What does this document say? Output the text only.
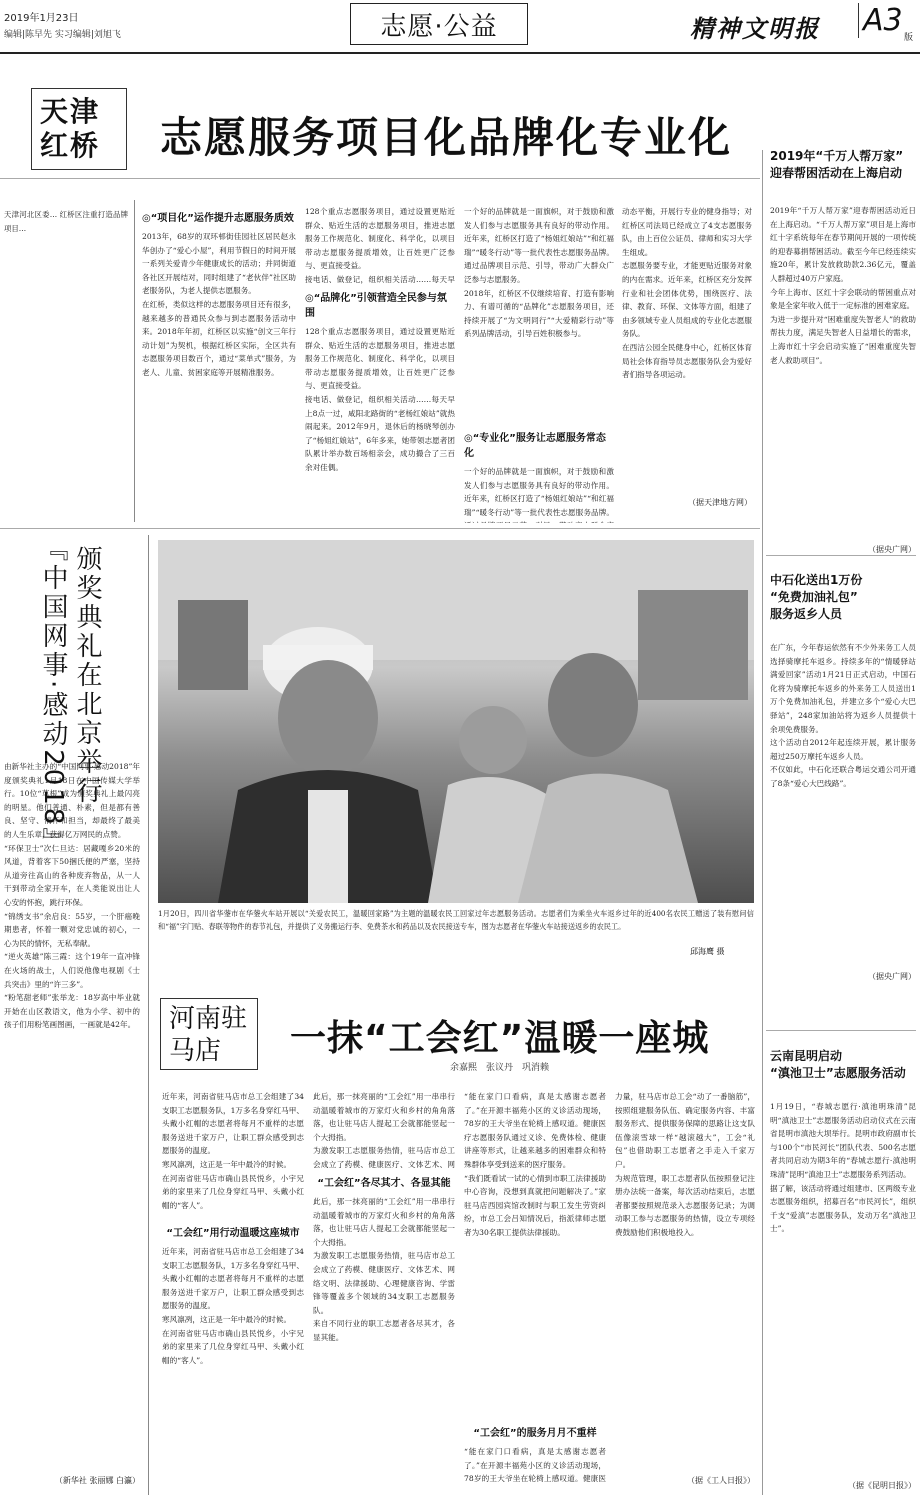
2019年1月23日
编辑|陈早先 实习编辑|刘旭飞	志愿·公益	精神文明报 A3 版
天津红桥	志愿服务项目化品牌化专业化
天津河北区委… 红桥区注重打造品牌项目…
◎“项目化”运作提升志愿服务质效
2013年，68岁的双环邨街佳园社区居民赵永华创办了“爱心小屋”，利用节假日的时间开展一系列关爱青少年健康成长的活动；并同街道各社区开展结对，同时组建了“老伙伴”社区助老服务队，为老人提供志愿服务。
在红桥，类似这样的志愿服务项目还有很多，越来越多的普通民众参与到志愿服务活动中来。2018年年初，红桥区以实施“创文三年行动计划”为契机，根据红桥区实际，全区共有志愿服务项目数百个，通过“菜单式”服务，为老人、儿童、贫困家庭等开展精准服务。
128个重点志愿服务项目，通过设置更贴近群众、贴近生活的志愿服务项目，推进志愿服务工作规范化、制度化、科学化，以项目带动志愿服务提质增效，让百姓更广泛参与、更直接受益。
接电话、做登记，组织相关活动……每天早
◎“品牌化”引领营造全民参与氛围
128个重点志愿服务项目，通过设置更贴近群众、贴近生活的志愿服务项目，推进志愿服务工作规范化、制度化、科学化，以项目带动志愿服务提质增效，让百姓更广泛参与、更直接受益。
接电话、做登记，组织相关活动……每天早上8点一过，咸阳北路街的“老杨红娘站”就热闹起来。2012年9月，退休后的杨晓琴创办了“杨姐红娘站”，6年多来，她带领志愿者团队累计举办数百场相亲会，成功撮合了三百余对佳偶。
一个好的品牌就是一面旗帜，对于鼓励和激发人们参与志愿服务具有良好的带动作用。近年来，红桥区打造了“杨姐红娘站”“和红福瑞”“暖冬行动”等一批代表性志愿服务品牌。通过品牌项目示范、引导，带动广大群众广泛参与志愿服务。
2018年，红桥区不仅继续培育、打造有影响力、有谱可循的“品牌化”志愿服务项目，还持续开展了“为文明同行”“大爱精彩行动”等系列品牌活动，引导百姓积极参与。
◎“专业化”服务让志愿服务常态化
一个好的品牌就是一面旗帜，对于鼓励和激发人们参与志愿服务具有良好的带动作用。近年来，红桥区打造了“杨姐红娘站”“和红福瑞”“暖冬行动”等一批代表性志愿服务品牌。

动态平衡，开展行专业的健身指导；对红桥区司法局已经成立了4支志愿服务队，由上百位公证员、律师和实习大学生组成。
志愿服务要专业，才能更贴近服务对象的内在需求。近年来，红桥区充分发挥行业和社会团体优势，围绕医疗、法律、教育、环保、文体等方面，组建了由多领域专业人员组成的专业化志愿服务队。
在西沽公园全民健身中心，红桥区体育局社会体育指导员志愿服务队会为爱好者们指导各项运动。
（据天津地方网）
2019年“千万人帮万家”
迎春帮困活动在上海启动
2019年“千万人帮万家”迎春帮困活动近日在上海启动。“千万人帮万家”项目是上海市红十字系统每年在春节期间开展的一项传统的迎春募捐帮困活动。截至今年已经连续实施20年，累计发放救助款2.36亿元，覆盖人群超过40万户家庭。
今年上海市、区红十字会联动的帮困重点对象是全家年收入低于一定标准的困难家庭。
为进一步提升对“困难重度失智老人”的救助帮扶力度，满足失智老人日益增长的需求，上海市红十字会启动实施了“困难重度失智老人救助项目”。
（据央广网）
中石化送出1万份
“免费加油礼包”
服务返乡人员
在广东，今年春运依然有不少外来务工人员选择骑摩托车返乡。持续多年的“情暖驿站 满爱回家”活动1月21日正式启动，中国石化将为骑摩托车返乡的外来务工人员送出1万个免费加油礼包，并建立多个“爱心大巴驿站”，248家加油站将为返乡人员提供十余项免费服务。
这个活动自2012年起连续开展，累计服务超过250万摩托车返乡人员。
不仅如此，中石化还联合粤运交通公司开通了8条“爱心大巴线路”。
（据央广网）
云南昆明启动
“滇池卫士”志愿服务活动
1月19日，“春城志愿行·滇池明珠清”昆明“滇池卫士”志愿服务活动启动仪式在云南省昆明市滇池大坝举行。昆明市政府副市长与100个“市民河长”团队代表、500名志愿者共同启动为期3年的“春城志愿行·滇池明珠清”昆明“滇池卫士”志愿服务系列活动。
据了解，该活动将通过组建市、区两级专业志愿服务组织，招募百名“市民河长”，组织千支“爱滇”志愿服务队，发动万名“滇池卫士”。
（据《昆明日报》）
颁奖典礼在北京举行
『中国网事·感动2018』
由新华社主办的“中国网事·感动2018”年度颁奖典礼1月18日在中国传媒大学举行。10位“草根”成为颁奖典礼上最闪亮的明星。他们普通、朴素，但是都有善良、坚守、情怀和担当，却最终了最美的人生乐章，获得亿万网民的点赞。
“环保卫士”次仁旦达：居藏嘎乡20米的风道，背着客下50捆氏便的严塞，坚持从道旁往高山的各种废弃物品，从一人干到带动全家开车，在人类能说出让人心安的怀抱，跳行环保。
“锦绣支书”余启良：55岁，一个肝癌晚期患者，怀着一颗对党忠诚的初心，一心为民的情怀，无私奉献。
“逆火英雄”陈三霞：这个19年一直冲锋在火场的战士，人们说他像电视剧《士兵突击》里的“许三多”。
“粉笔甜老师”张举龙：18岁高中毕业就开始在山区教语文，他为小学、初中的孩子们用粉笔画图画，一画就是42年。
（新华社 张丽娜 白瀛）
1月20日，四川省华蓥市在华蓥火车站开展以“关爱农民工，温暖回家路”为主题的温暖农民工回家过年志愿服务活动。志愿者们为乘坐火车返乡过年的近400名农民工赠送了装有慰问信和“福”字门贴、春联等物件的春节礼包，并提供了义务搬运行李、免费茶水和药品以及农民接送专车，图为志愿者在华蓥火车站接送返乡的农民工。
邱海鹰 摄
河南驻马店	一抹“工会红”温暖一座城
余嘉熙　张议丹　巩消赖
近年来，河南省驻马店市总工会组建了34支职工志愿服务队，1万多名身穿红马甲、头戴小红帽的志愿者将每月不重样的志愿服务送进千家万户，让职工群众感受到志愿服务的温度。
寒风凛冽，这正是一年中最冷的时候。
在河南省驻马店市确山县民悦乡，小宇兄弟的家里来了几位身穿红马甲、头戴小红帽的“客人”。
“工会红”用行动温暖这座城市
近年来，河南省驻马店市总工会组建了34支职工志愿服务队，1万多名身穿红马甲、头戴小红帽的志愿者将每月不重样的志愿服务送进千家万户，让职工群众感受到志愿服务的温度。
寒风凛冽，这正是一年中最冷的时候。
在河南省驻马店市确山县民悦乡，小宇兄弟的家里来了几位身穿红马甲、头戴小红帽的“客人”。
此后，那一抹亮丽的“工会红”用一串串行动温暖着城市的万家灯火和乡村的角角落落，也让驻马店人提起工会就都能竖起一个大拇指。
为激发职工志愿服务热情，驻马店市总工会成立了药模、健康医疗、文体艺术、网

“工会红”各尽其才、各显其能
此后，那一抹亮丽的“工会红”用一串串行动温暖着城市的万家灯火和乡村的角角落落，也让驻马店人提起工会就都能竖起一个大拇指。
为激发职工志愿服务热情，驻马店市总工会成立了药模、健康医疗、文体艺术、网络文明、法律援助、心理健康咨询、学雷锋等覆盖多个领域的34支职工志愿服务队。
来自不同行业的职工志愿者各尽其才，各显其能。
“能在家门口看病，真是太感谢志愿者了。”在开源丰福苑小区的义诊活动现场，78岁的王大爷坐在轮椅上感叹道。健康医疗志愿服务队通过义诊、免费体检、健康讲座等形式，让越来越多的困难群众和特殊群体享受到送来的医疗服务。
“我们既看试一试的心情到市职工法律援助中心咨询，没想到真就把问题解决了。”家驻马店西园宾馆改制时与职工发生劳资纠纷，市总工会吕知情况后，指派律师志愿者为30名职工提供法律援助。
“工会红”的服务月月不重样
“能在家门口看病，真是太感谢志愿者了。”在开源丰福苑小区的义诊活动现场，78岁的王大爷坐在轮椅上感叹道。健康医

力量，驻马店市总工会“动了一番脑筋”，按照组建服务队伍、确定服务内容、丰富服务形式、提供服务保障的思路让这支队伍像滚雪球一样“越滚越大”，工会“礼包”也借助职工志愿者之手走入千家万户。
为规范管理，职工志愿者队伍按照登记注册办法统一备案，每次活动结束后，志愿者都要按照规范录入志愿服务记录；为调动职工参与志愿服务的热情，设立专项经费鼓励他们积极地投入。
（据《工人日报》）
